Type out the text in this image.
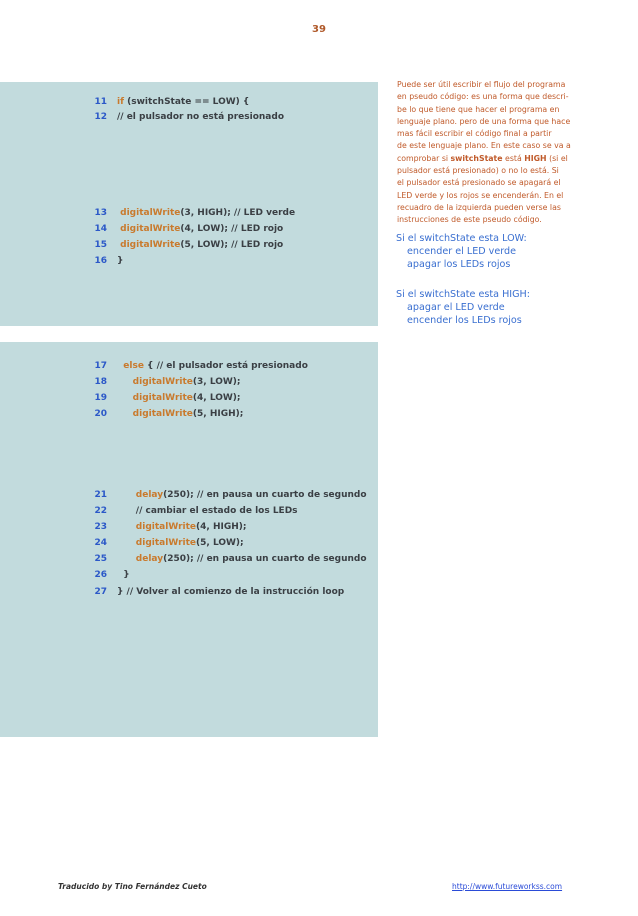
39
11 if (switchState == LOW) {
12 // el pulsador no está presionado
13 digitalWrite(3, HIGH); // LED verde
14 digitalWrite(4, LOW); // LED rojo
15 digitalWrite(5, LOW); // LED rojo
16 }
17 else { // el pulsador está presionado
18 digitalWrite(3, LOW);
19 digitalWrite(4, LOW);
20 digitalWrite(5, HIGH);
21 delay(250); // en pausa un cuarto de segundo
22 // cambiar el estado de los LEDs
23 digitalWrite(4, HIGH);
24 digitalWrite(5, LOW);
25 delay(250); // en pausa un cuarto de segundo
26 }
27 } // Volver al comienzo de la instrucción loop
Puede ser útil escribir el flujo del programa
en pseudo código: es una forma que descri-
be lo que tiene que hacer el programa en
lenguaje plano. pero de una forma que hace
mas fácil escribir el código final a partir
de este lenguaje plano. En este caso se va a
comprobar si switchState está HIGH (si el
pulsador está presionado) o no lo está. Si
el pulsador está presionado se apagará el
LED verde y los rojos se encenderán. En el
recuadro de la izquierda pueden verse las
instrucciones de este pseudo código.
Si el switchState esta LOW:
encender el LED verde
apagar los LEDs rojos
Si el switchState esta HIGH:
apagar el LED verde
encender los LEDs rojos
Traducido by Tino Fernández Cueto	http://www.futureworkss.com
